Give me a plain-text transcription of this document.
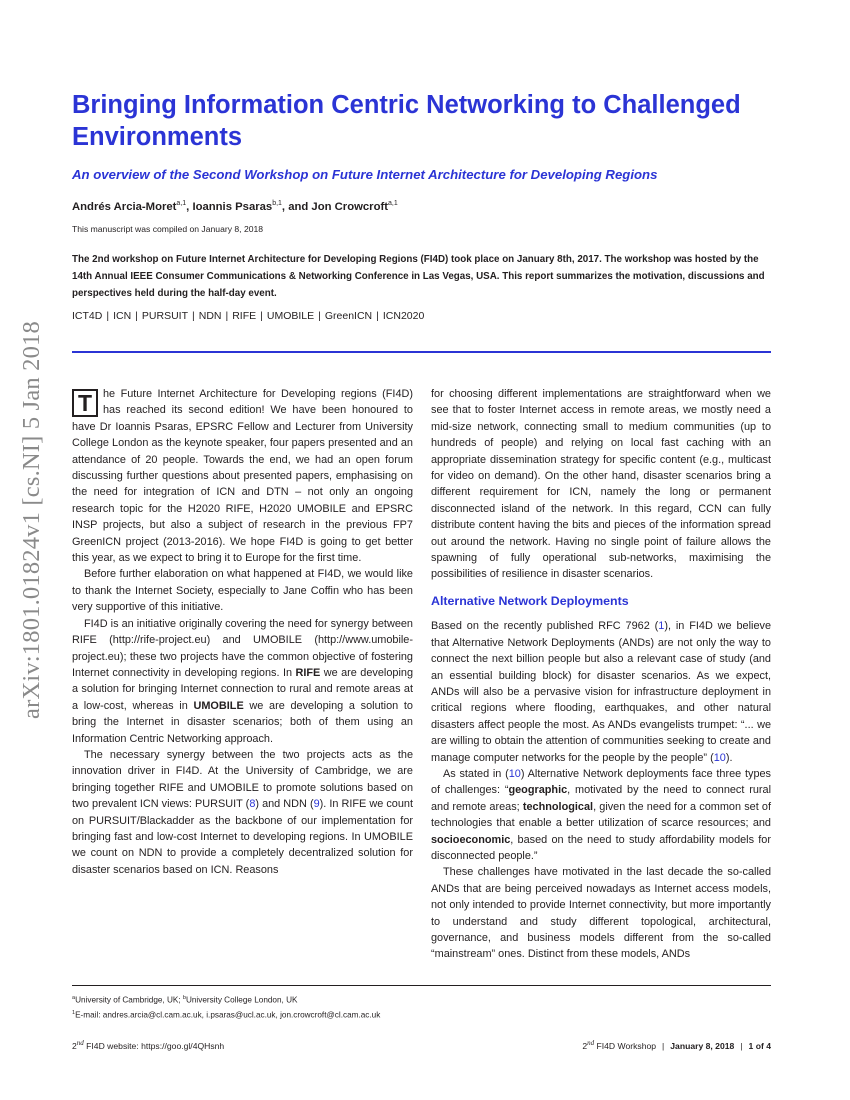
arXiv:1801.01824v1 [cs.NI] 5 Jan 2018
Bringing Information Centric Networking to Challenged Environments
An overview of the Second Workshop on Future Internet Architecture for Developing Regions
Andrés Arcia-Moret$^{a,1}$, Ioannis Psaras$^{b,1}$, and Jon Crowcroft$^{a,1}$
This manuscript was compiled on January 8, 2018
The 2nd workshop on Future Internet Architecture for Developing Regions (FI4D) took place on January 8th, 2017. The workshop was hosted by the 14th Annual IEEE Consumer Communications & Networking Conference in Las Vegas, USA. This report summarizes the motivation, discussions and perspectives held during the half-day event.
ICT4D | ICN | PURSUIT | NDN | RIFE | UMOBILE | GreenICN | ICN2020

T	he Future Internet Architecture for Developing regions (FI4D) has reached its second edition! We have been honoured to have Dr Ioannis Psaras, EPSRC Fellow and Lecturer from University College London as the keynote speaker, four papers presented and an attendance of 20 people. Towards the end, we had an open forum discussing further questions about presented papers, emphasising on the need for integration of ICN and DTN – not only an ongoing research topic for the H2020 RIFE, H2020 UMOBILE and EPSRC INSP projects, but also a subject of research in the previous FP7 GreenICN project (2013-2016). We hope FI4D is going to get better this year, as we expect to bring it to Europe for the first time.

Before further elaboration on what happened at FI4D, we would like to thank the Internet Society, especially to Jane Coffin who has been very supportive of this initiative.

FI4D is an initiative originally covering the need for synergy between RIFE (http://rife-project.eu) and UMOBILE (http://www.umobile-project.eu); these two projects have the common objective of fostering Internet connectivity in developing regions. In RIFE we are developing a solution for bringing Internet connection to rural and remote areas at a low-cost, whereas in UMOBILE we are developing a solution to bring the Internet in disaster scenarios; both of them using an Information Centric Networking approach.

The necessary synergy between the two projects acts as the innovation driver in FI4D. At the University of Cambridge, we are bringing together RIFE and UMOBILE to promote solutions based on two prevalent ICN views: PURSUIT (8) and NDN (9). In RIFE we count on PURSUIT/Blackadder as the backbone of our implementation for bringing fast and low-cost Internet to developing regions. In UMOBILE we count on NDN to provide a completely decentralized solution for disaster scenarios based on ICN. Reasons

for choosing different implementations are straightforward when we see that to foster Internet access in remote areas, we mostly need a mid-size network, connecting small to medium communities (up to hundreds of people) and relying on local fast caching with an appropriate dissemination strategy for specific content (e.g., multicast for video on demand). On the other hand, disaster scenarios bring a different requirement for ICN, namely the long or permanent disconnected island of the network. In this regard, CCN can fully distribute content having the bits and pieces of the information spread out around the network. Having no single point of failure allows the spawning of fully operational sub-networks, maximising the possibilities of resilience in disaster scenarios.

Alternative Network Deployments

Based on the recently published RFC 7962 (1), in FI4D we believe that Alternative Network Deployments (ANDs) are not only the way to connect the next billion people but also a relevant case of study (and an essential building block) for disaster scenarios. As we expect, ANDs will also be a pervasive vision for infrastructure deployment in critical regions where flooding, earthquakes, and other natural disasters affect people the most. As ANDs evangelists trumpet: “... we are willing to obtain the attention of communities seeking to create and manage computer networks for the people by the people” (10).

As stated in (10) Alternative Network deployments face three types of challenges: “geographic, motivated by the need to connect rural and remote areas; technological, given the need for a common set of technologies that enable a better utilization of scarce resources; and socioeconomic, based on the need to study affordability models for disconnected people.”

These challenges have motivated in the last decade the so-called ANDs that are being perceived nowadays as Internet access models, not only intended to provide Internet connectivity, but more importantly to understand and study different topological, architectural, governance, and business models different from the so-called “mainstream” ones. Distinct from these models, ANDs

$^a$University of Cambridge, UK; $^b$University College London, UK
$^1$E-mail: andres.arcia@cl.cam.ac.uk, i.psaras@ucl.ac.uk, jon.crowcroft@cl.cam.ac.uk
2nd FI4D website: https://goo.gl/4QHsnh	2nd FI4D Workshop | January 8, 2018 | 1 of 4
